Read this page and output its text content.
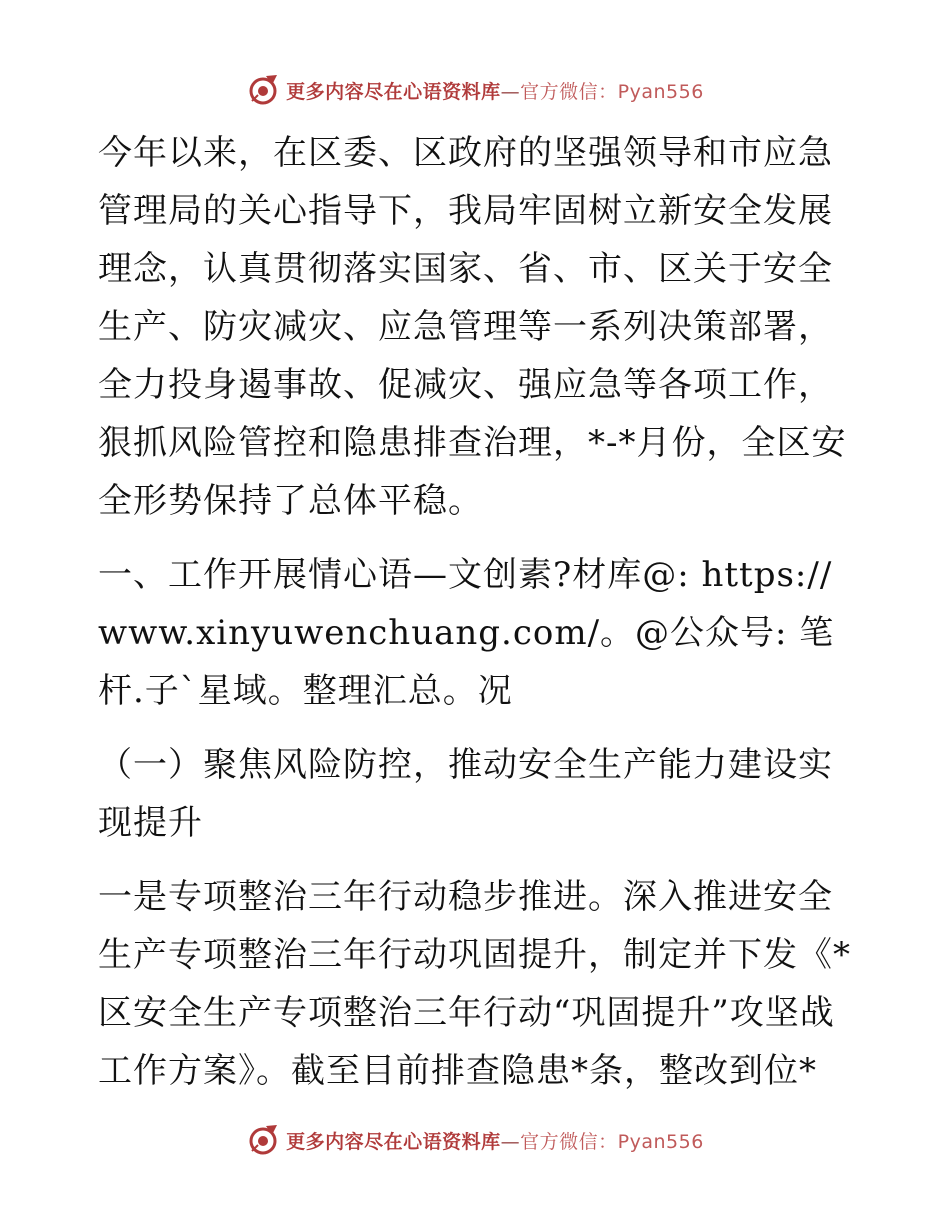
更多内容尽在心语资料库—官方微信：Pyan556

今年以来，在区委、区政府的坚强领导和市应急管理局的关心指导下，我局牢固树立新安全发展理念，认真贯彻落实国家、省、市、区关于安全生产、防灾减灾、应急管理等一系列决策部署，全力投身遏事故、促减灾、强应急等各项工作，狠抓风险管控和隐患排查治理，*-*月份，全区安全形势保持了总体平稳。

一、工作开展情心语—文创素?材库@: https://www.xinyuwenchuang.com/。@公众号: 笔杆.子`星域。整理汇总。况

（一）聚焦风险防控，推动安全生产能力建设实现提升

一是专项整治三年行动稳步推进。深入推进安全生产专项整治三年行动巩固提升，制定并下发《*区安全生产专项整治三年行动“巩固提升”攻坚战工作方案》。截至目前排查隐患*条，整改到位*

更多内容尽在心语资料库—官方微信：Pyan556
